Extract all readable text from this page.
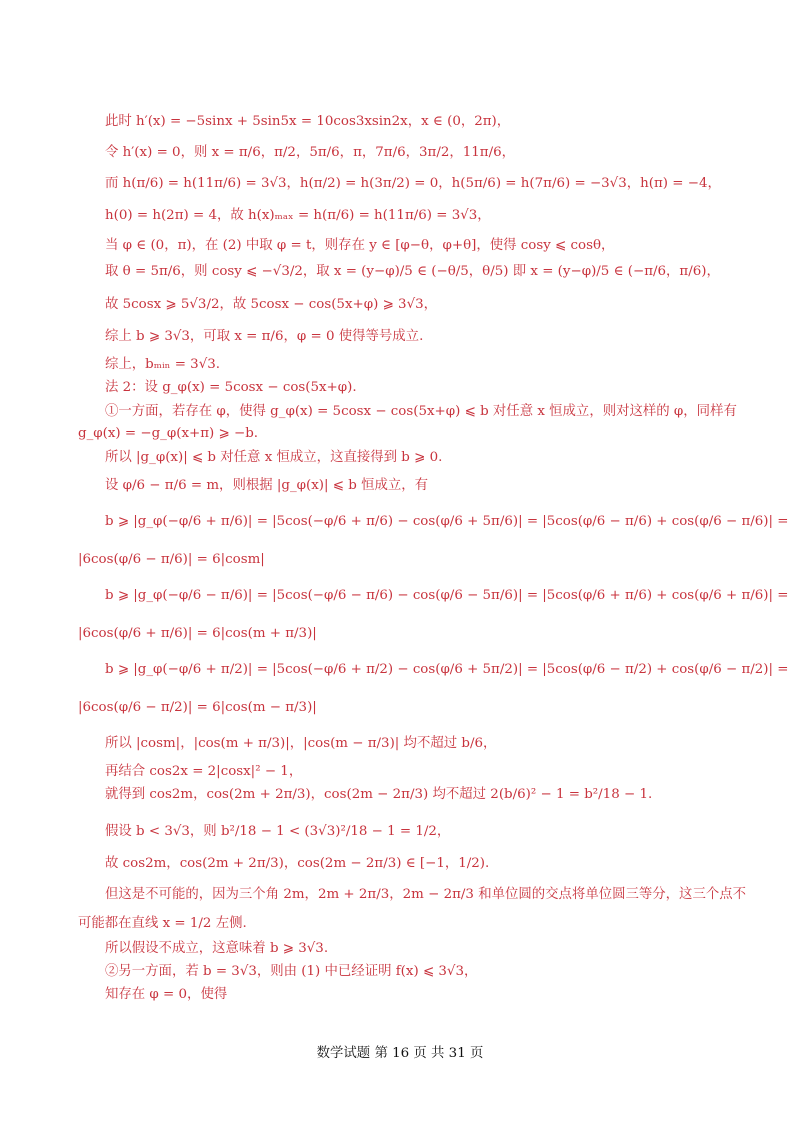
此时 h′(x) = −5sinx + 5sin5x = 10cos3xsin2x，x ∈ (0，2π)，
令 h′(x) = 0，则 x = π/6，π/2，5π/6，π，7π/6，3π/2，11π/6，
而 h(π/6) = h(11π/6) = 3√3，h(π/2) = h(3π/2) = 0，h(5π/6) = h(7π/6) = −3√3，h(π) = −4，
h(0) = h(2π) = 4，故 h(x)ₘₐₓ = h(π/6) = h(11π/6) = 3√3，
当 φ ∈ (0，π)，在 (2) 中取 φ = t，则存在 y ∈ [φ−θ，φ+θ]，使得 cosy ⩽ cosθ，
取 θ = 5π/6，则 cosy ⩽ −√3/2，取 x = (y−φ)/5 ∈ (−θ/5，θ/5) 即 x = (y−φ)/5 ∈ (−π/6，π/6)，
故 5cosx ⩾ 5√3/2，故 5cosx − cos(5x+φ) ⩾ 3√3，
综上 b ⩾ 3√3，可取 x = π/6，φ = 0 使得等号成立.
综上，bₘᵢₙ = 3√3.
法 2：设 g_φ(x) = 5cosx − cos(5x+φ).
①一方面，若存在 φ，使得 g_φ(x) = 5cosx − cos(5x+φ) ⩽ b 对任意 x 恒成立，则对这样的 φ，同样有
g_φ(x) = −g_φ(x+π) ⩾ −b.
所以 |g_φ(x)| ⩽ b 对任意 x 恒成立，这直接得到 b ⩾ 0.
设 φ/6 − π/6 = m，则根据 |g_φ(x)| ⩽ b 恒成立，有
b ⩾ |g_φ(−φ/6 + π/6)| = |5cos(−φ/6 + π/6) − cos(φ/6 + 5π/6)| = |5cos(φ/6 − π/6) + cos(φ/6 − π/6)| =
|6cos(φ/6 − π/6)| = 6|cosm|
b ⩾ |g_φ(−φ/6 − π/6)| = |5cos(−φ/6 − π/6) − cos(φ/6 − 5π/6)| = |5cos(φ/6 + π/6) + cos(φ/6 + π/6)| =
|6cos(φ/6 + π/6)| = 6|cos(m + π/3)|
b ⩾ |g_φ(−φ/6 + π/2)| = |5cos(−φ/6 + π/2) − cos(φ/6 + 5π/2)| = |5cos(φ/6 − π/2) + cos(φ/6 − π/2)| =
|6cos(φ/6 − π/2)| = 6|cos(m − π/3)|
所以 |cosm|，|cos(m + π/3)|，|cos(m − π/3)| 均不超过 b/6，
再结合 cos2x = 2|cosx|² − 1，
就得到 cos2m，cos(2m + 2π/3)，cos(2m − 2π/3) 均不超过 2(b/6)² − 1 = b²/18 − 1.
假设 b < 3√3，则 b²/18 − 1 < (3√3)²/18 − 1 = 1/2，
故 cos2m，cos(2m + 2π/3)，cos(2m − 2π/3) ∈ [−1，1/2).
但这是不可能的，因为三个角 2m，2m + 2π/3，2m − 2π/3 和单位圆的交点将单位圆三等分，这三个点不
可能都在直线 x = 1/2 左侧.
所以假设不成立，这意味着 b ⩾ 3√3.
②另一方面，若 b = 3√3，则由 (1) 中已经证明 f(x) ⩽ 3√3，
知存在 φ = 0，使得
数学试题 第 16 页 共 31 页
